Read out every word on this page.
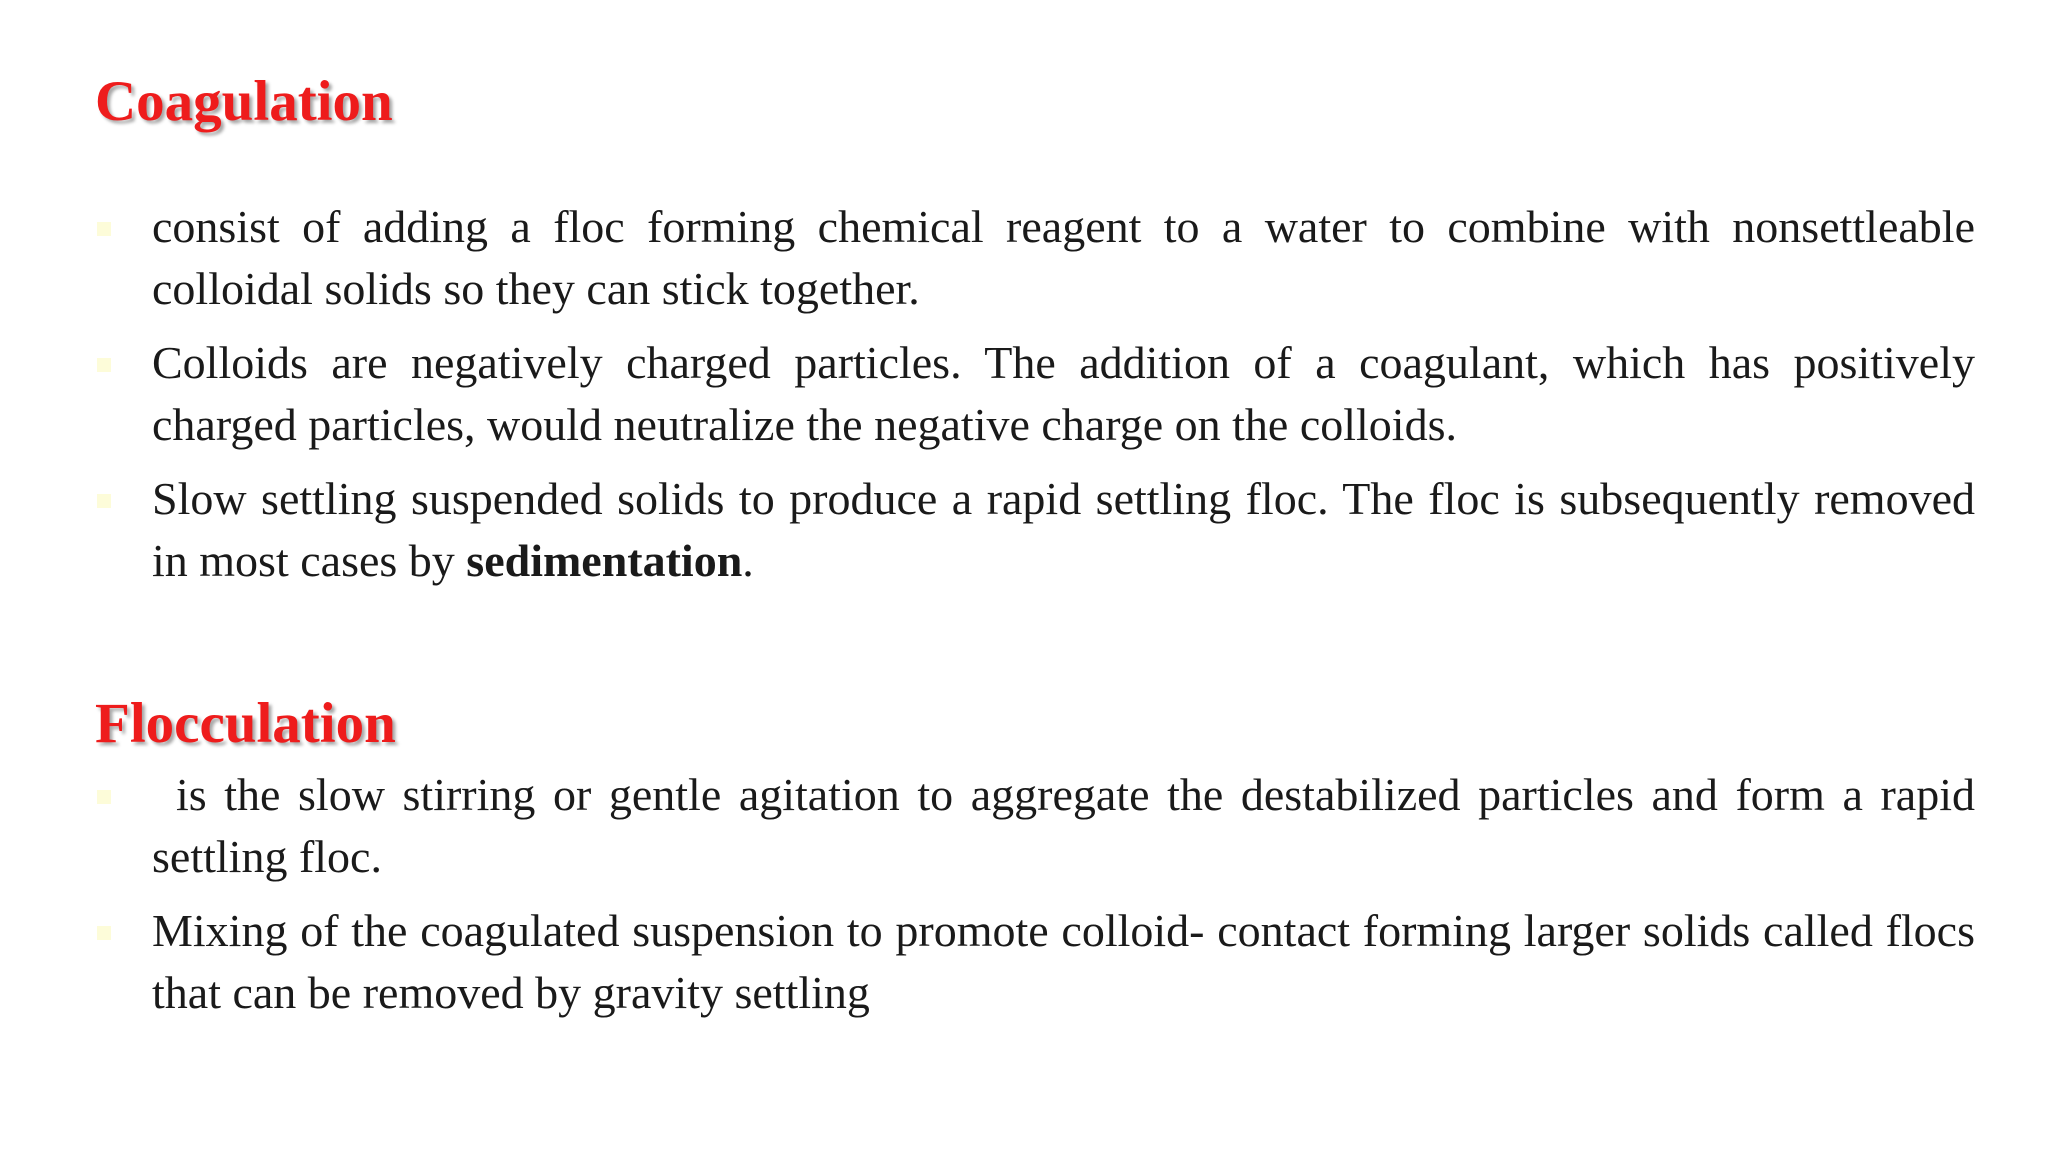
Coagulation
consist of adding a floc forming chemical reagent to a water to combine with nonsettleable colloidal solids so they can stick together.
Colloids are negatively charged particles. The addition of a coagulant, which has positively charged particles, would neutralize the negative charge on the colloids.
Slow settling suspended solids to produce a rapid settling floc. The floc is subsequently removed in most cases by sedimentation.
Flocculation
is the slow stirring or gentle agitation to aggregate the destabilized particles and form a rapid settling floc.
Mixing of the coagulated suspension to promote colloid- contact forming larger solids called flocs that can be removed by gravity settling
